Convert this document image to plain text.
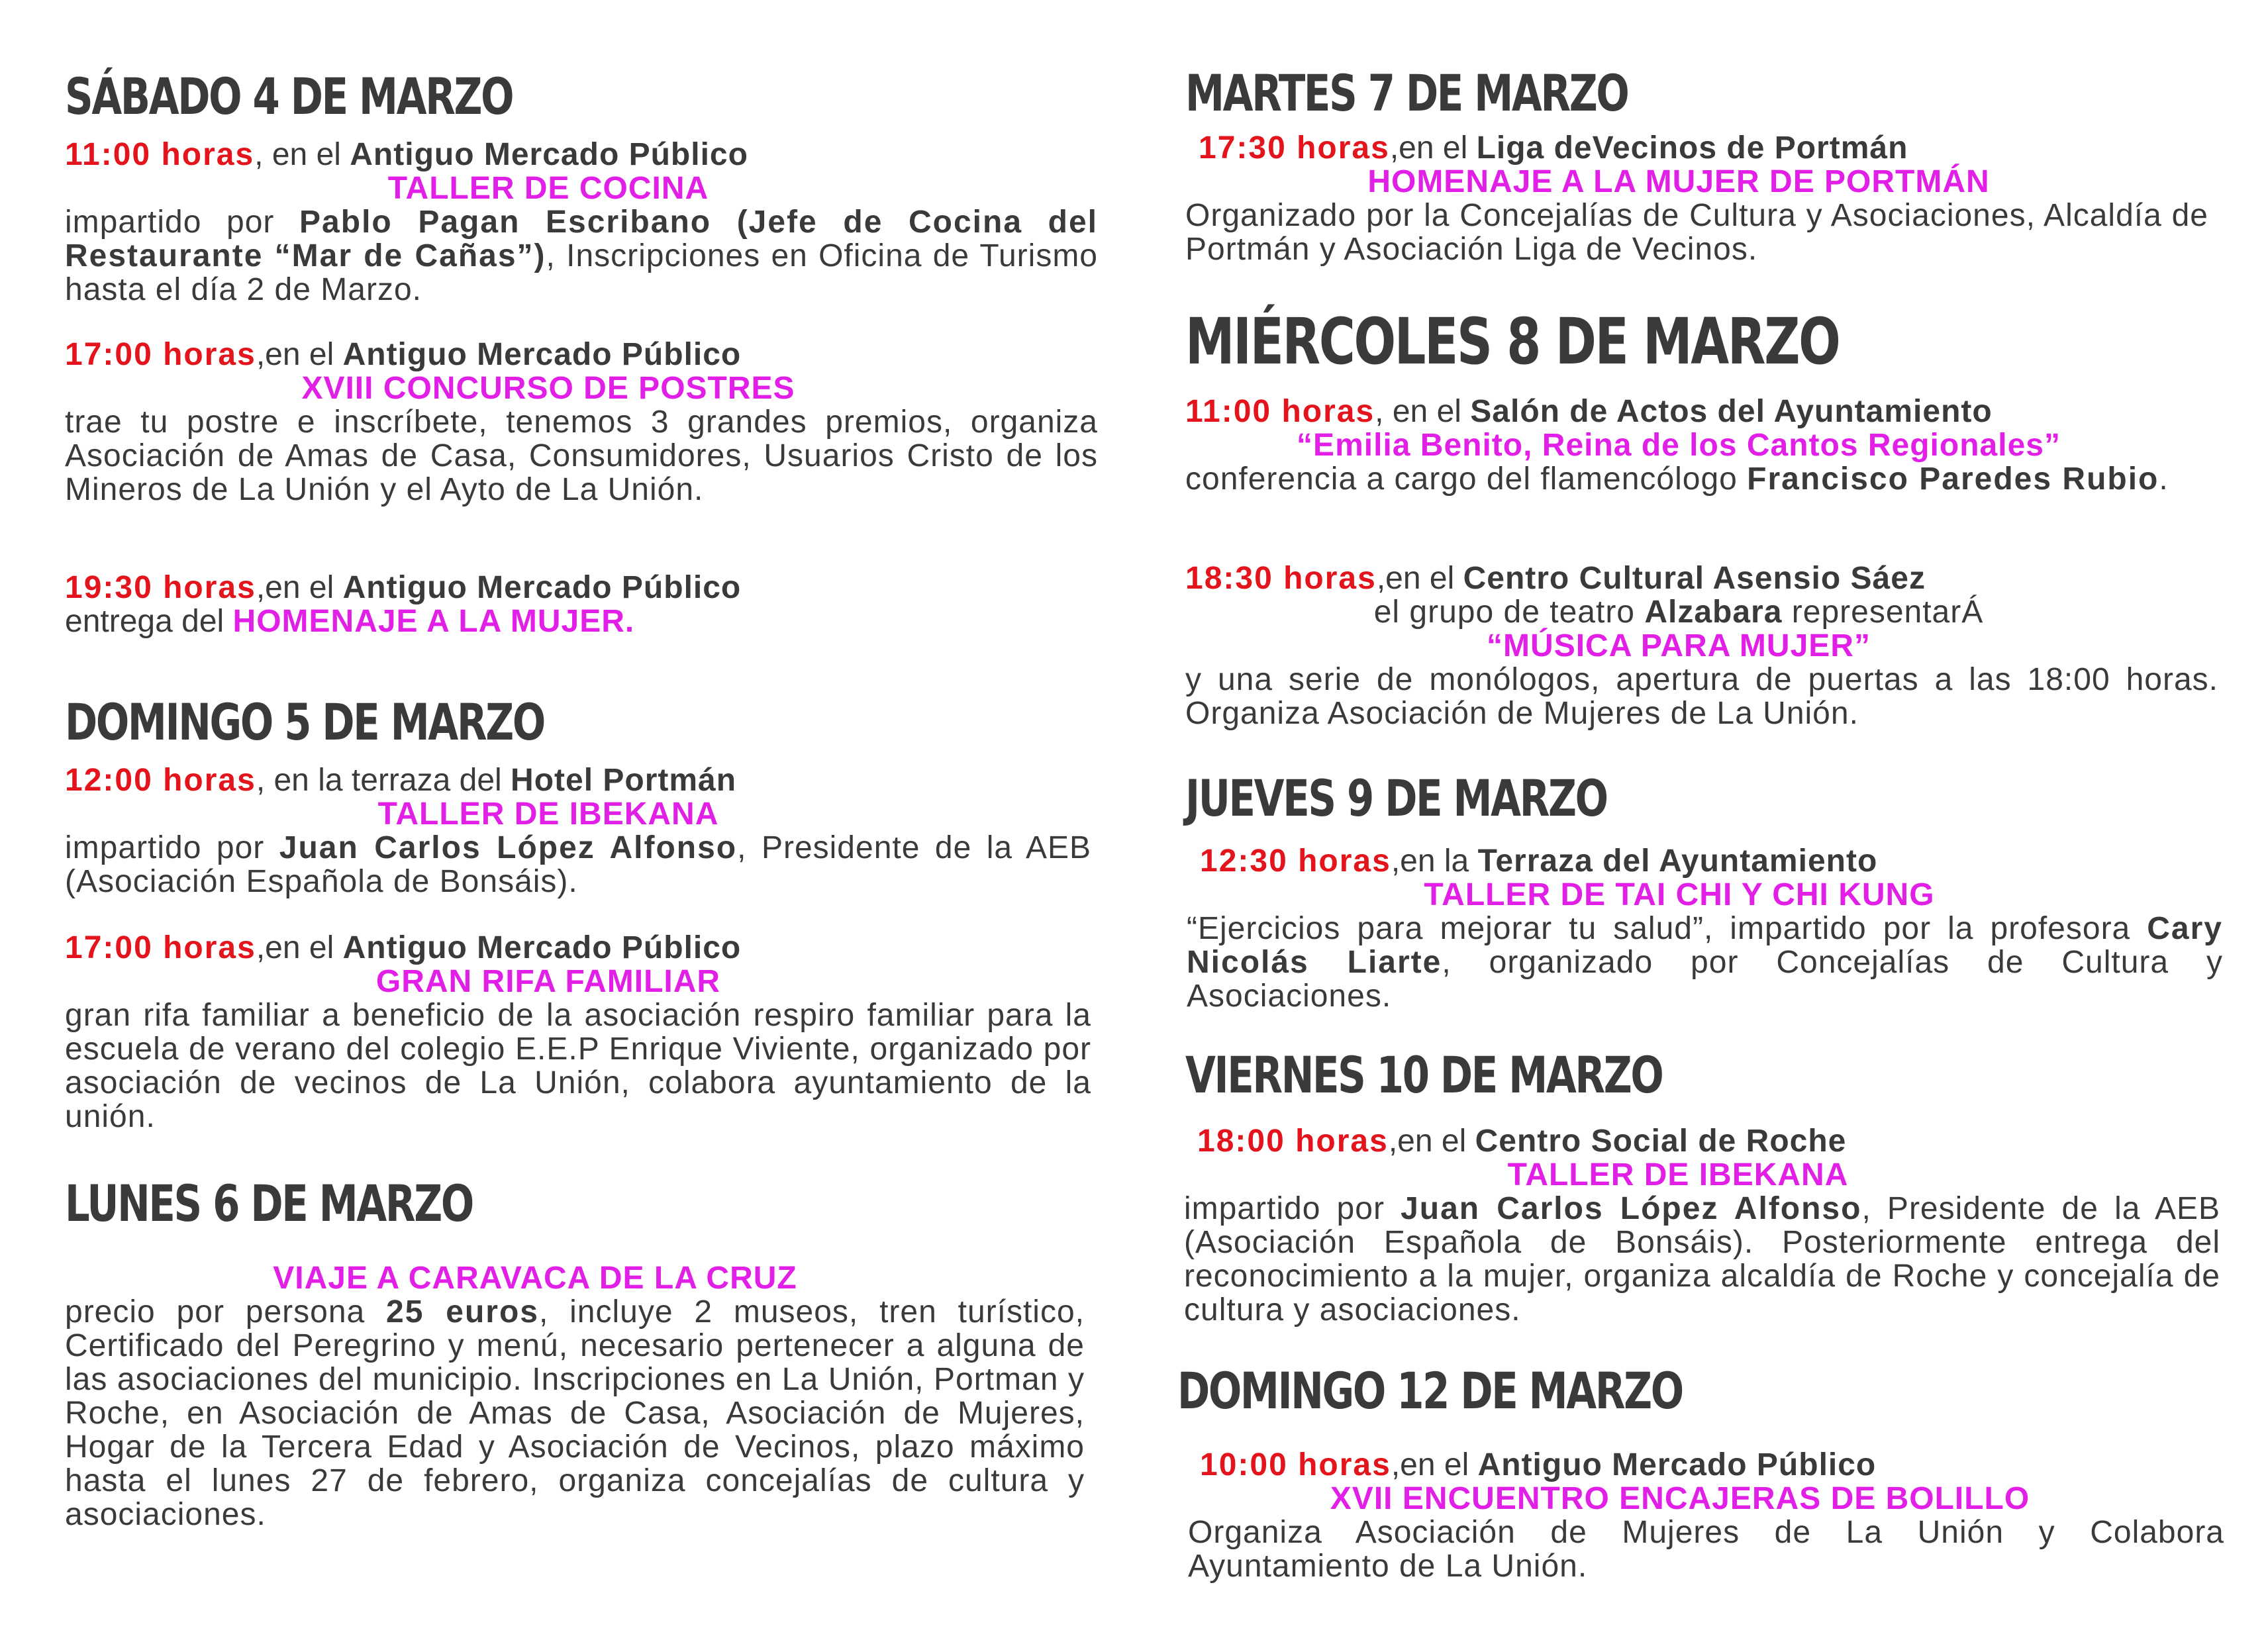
SÁBADO 4 DE MARZO
11:00 horas, en el Antiguo Mercado Público
TALLER DE COCINA
impartido por Pablo Pagan Escribano (Jefe de Cocina del Restaurante “Mar de Cañas”), Inscripciones en Oficina de Turismo hasta el día 2 de Marzo.
17:00 horas,en el Antiguo Mercado Público
XVIII CONCURSO DE POSTRES
trae tu postre e inscríbete, tenemos 3 grandes premios, organiza Asociación de Amas de Casa, Consumidores, Usuarios Cristo de los Mineros de La Unión y el Ayto de La Unión.
19:30 horas,en el Antiguo Mercado Público
entrega del HOMENAJE A LA MUJER.
DOMINGO 5 DE MARZO
12:00 horas, en la terraza del Hotel Portmán
TALLER DE IBEKANA
impartido por Juan Carlos López Alfonso, Presidente de la AEB (Asociación Española de Bonsáis).
17:00 horas,en el Antiguo Mercado Público
GRAN RIFA FAMILIAR
gran rifa familiar a beneficio de la asociación respiro familiar para la escuela de verano del colegio E.E.P Enrique Viviente, organizado por asociación de vecinos de La Unión, colabora ayuntamiento de la unión.
LUNES 6 DE MARZO
VIAJE A CARAVACA DE LA CRUZ
precio por persona 25 euros, incluye 2 museos, tren turístico, Certificado del Peregrino y menú, necesario pertenecer a alguna de las asociaciones del municipio. Inscripciones en La Unión, Portman y Roche, en Asociación de Amas de Casa, Asociación de Mujeres, Hogar de la Tercera Edad y Asociación de Vecinos, plazo máximo hasta el lunes 27 de febrero, organiza concejalías de cultura y asociaciones.
MARTES 7 DE MARZO
17:30 horas,en el Liga deVecinos de Portmán
HOMENAJE A LA MUJER DE PORTMÁN
Organizado por la Concejalías de Cultura y Asociaciones, Alcaldía de Portmán y Asociación Liga de Vecinos.
MIÉRCOLES 8 DE MARZO
11:00 horas, en el Salón de Actos del Ayuntamiento
“Emilia Benito, Reina de los Cantos Regionales”
conferencia a cargo del flamencólogo Francisco Paredes Rubio.
18:30 horas,en el Centro Cultural Asensio Sáez
el grupo de teatro Alzabara representarÁ
“MÚSICA PARA MUJER”
y una serie de monólogos, apertura de puertas a las 18:00 horas. Organiza Asociación de Mujeres de La Unión.
JUEVES 9 DE MARZO
12:30 horas,en la Terraza del Ayuntamiento
TALLER DE TAI CHI Y CHI KUNG
“Ejercicios para mejorar tu salud”, impartido por la profesora Cary Nicolás Liarte, organizado por Concejalías de Cultura y Asociaciones.
VIERNES 10 DE MARZO
18:00 horas,en el Centro Social de Roche
TALLER DE IBEKANA
impartido por Juan Carlos López Alfonso, Presidente de la AEB (Asociación Española de Bonsáis). Posteriormente entrega del reconocimiento a la mujer, organiza alcaldía de Roche y concejalía de cultura y asociaciones.
DOMINGO 12 DE MARZO
10:00 horas,en el Antiguo Mercado Público
XVII ENCUENTRO ENCAJERAS DE BOLILLO
Organiza Asociación de Mujeres de La Unión y Colabora Ayuntamiento de La Unión.
